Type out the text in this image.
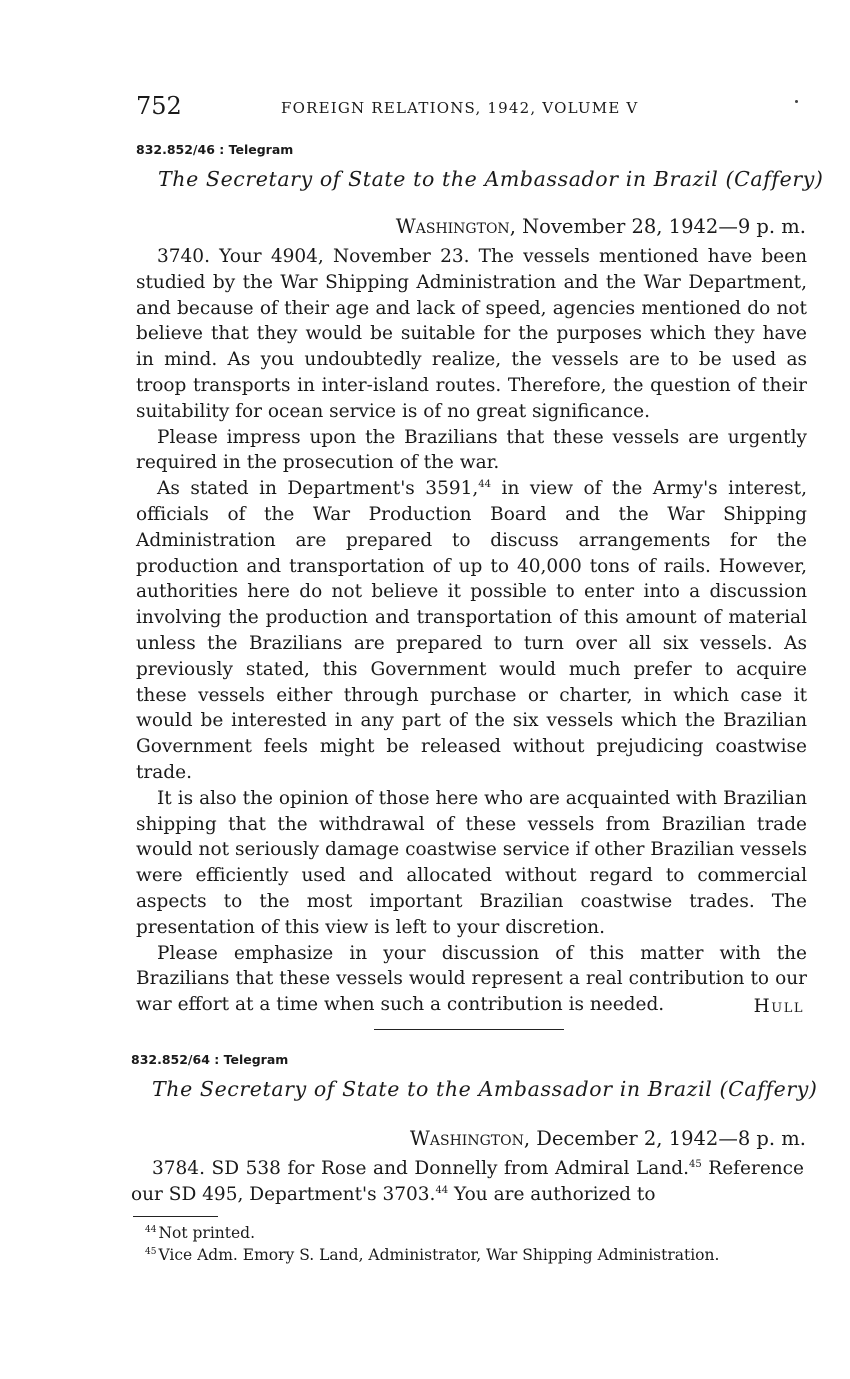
752	FOREIGN RELATIONS, 1942, VOLUME V
832.852/46 : Telegram
The Secretary of State to the Ambassador in Brazil (Caffery)
Washington, November 28, 1942—9 p. m.

3740. Your 4904, November 23. The vessels mentioned have been studied by the War Shipping Administration and the War Department, and because of their age and lack of speed, agencies mentioned do not believe that they would be suitable for the purposes which they have in mind. As you undoubtedly realize, the vessels are to be used as troop transports in inter-island routes. Therefore, the question of their suitability for ocean service is of no great significance.

Please impress upon the Brazilians that these vessels are urgently required in the prosecution of the war.

As stated in Department's 3591,44 in view of the Army's interest, officials of the War Production Board and the War Shipping Administration are prepared to discuss arrangements for the production and transportation of up to 40,000 tons of rails. However, authorities here do not believe it possible to enter into a discussion involving the production and transportation of this amount of material unless the Brazilians are prepared to turn over all six vessels. As previously stated, this Government would much prefer to acquire these vessels either through purchase or charter, in which case it would be interested in any part of the six vessels which the Brazilian Government feels might be released without prejudicing coastwise trade.

It is also the opinion of those here who are acquainted with Brazilian shipping that the withdrawal of these vessels from Brazilian trade would not seriously damage coastwise service if other Brazilian vessels were efficiently used and allocated without regard to commercial aspects to the most important Brazilian coastwise trades. The presentation of this view is left to your discretion.

Please emphasize in your discussion of this matter with the Brazilians that these vessels would represent a real contribution to our war effort at a time when such a contribution is needed.	Hull
832.852/64 : Telegram
The Secretary of State to the Ambassador in Brazil (Caffery)
Washington, December 2, 1942—8 p. m.

3784. SD 538 for Rose and Donnelly from Admiral Land.$^{45}$ Reference our SD 495, Department's 3703.44 You are authorized to

$^{44}$ Not printed.
$^{45}$ Vice Adm. Emory S. Land, Administrator, War Shipping Administration.
